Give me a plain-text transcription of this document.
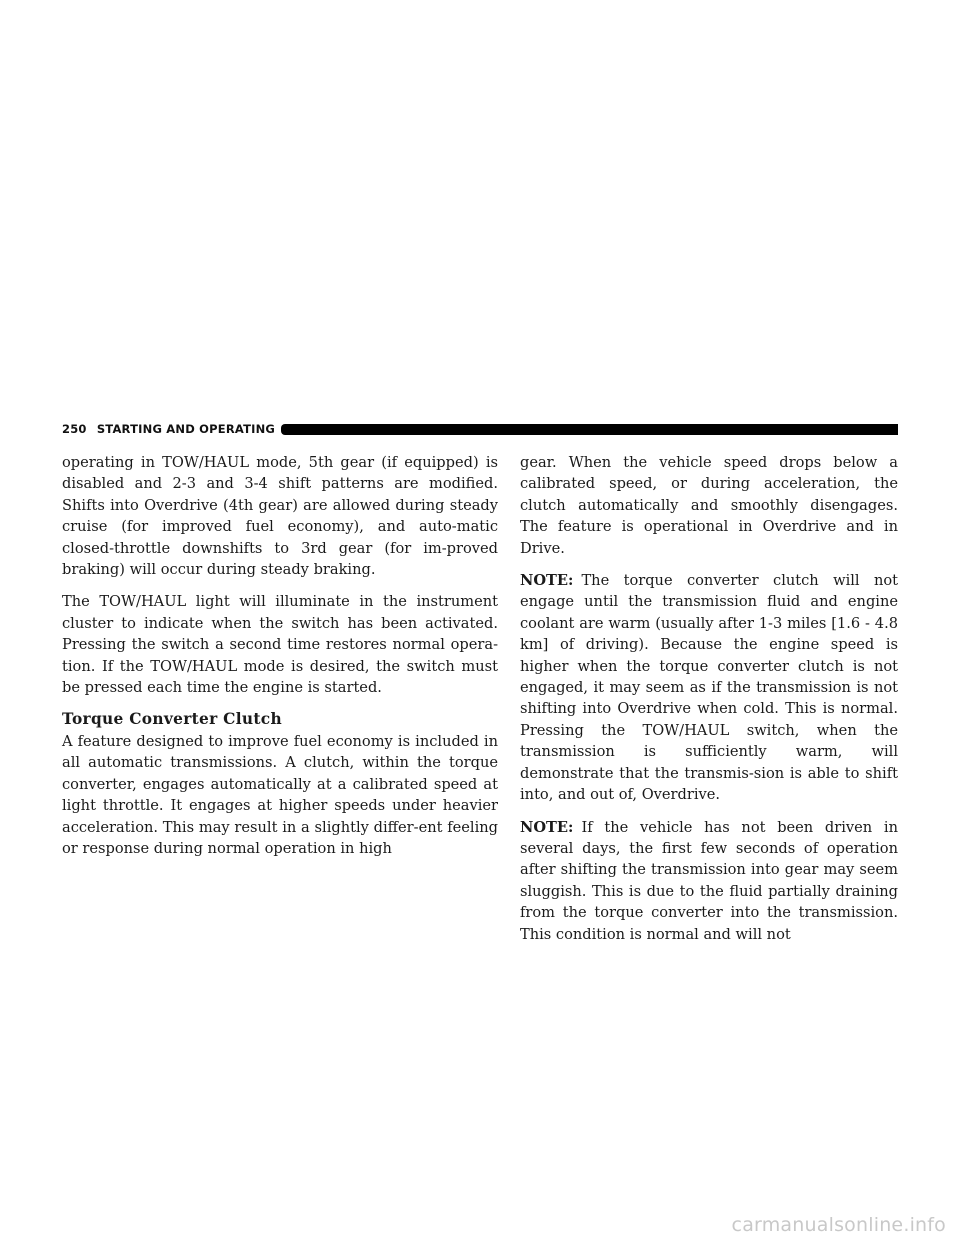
250 STARTING AND OPERATING

operating in TOW/HAUL mode, 5th gear (if equipped) is disabled and 2-3 and 3-4 shift patterns are modified. Shifts into Overdrive (4th gear) are allowed during steady cruise (for improved fuel economy), and auto-matic closed-throttle downshifts to 3rd gear (for im-proved braking) will occur during steady braking.

The TOW/HAUL light will illuminate in the instrument cluster to indicate when the switch has been activated. Pressing the switch a second time restores normal opera-tion. If the TOW/HAUL mode is desired, the switch must be pressed each time the engine is started.

Torque Converter Clutch

A feature designed to improve fuel economy is included in all automatic transmissions. A clutch, within the torque converter, engages automatically at a calibrated speed at light throttle. It engages at higher speeds under heavier acceleration. This may result in a slightly differ-ent feeling or response during normal operation in high

gear. When the vehicle speed drops below a calibrated speed, or during acceleration, the clutch automatically and smoothly disengages. The feature is operational in Overdrive and in Drive.

NOTE: The torque converter clutch will not engage until the transmission fluid and engine coolant are warm (usually after 1-3 miles [1.6 - 4.8 km] of driving). Because the engine speed is higher when the torque converter clutch is not engaged, it may seem as if the transmission is not shifting into Overdrive when cold. This is normal. Pressing the TOW/HAUL switch, when the transmission is sufficiently warm, will demonstrate that the transmis-sion is able to shift into, and out of, Overdrive.

NOTE: If the vehicle has not been driven in several days, the first few seconds of operation after shifting the transmission into gear may seem sluggish. This is due to the fluid partially draining from the torque converter into the transmission. This condition is normal and will not

carmanualsonline.info
